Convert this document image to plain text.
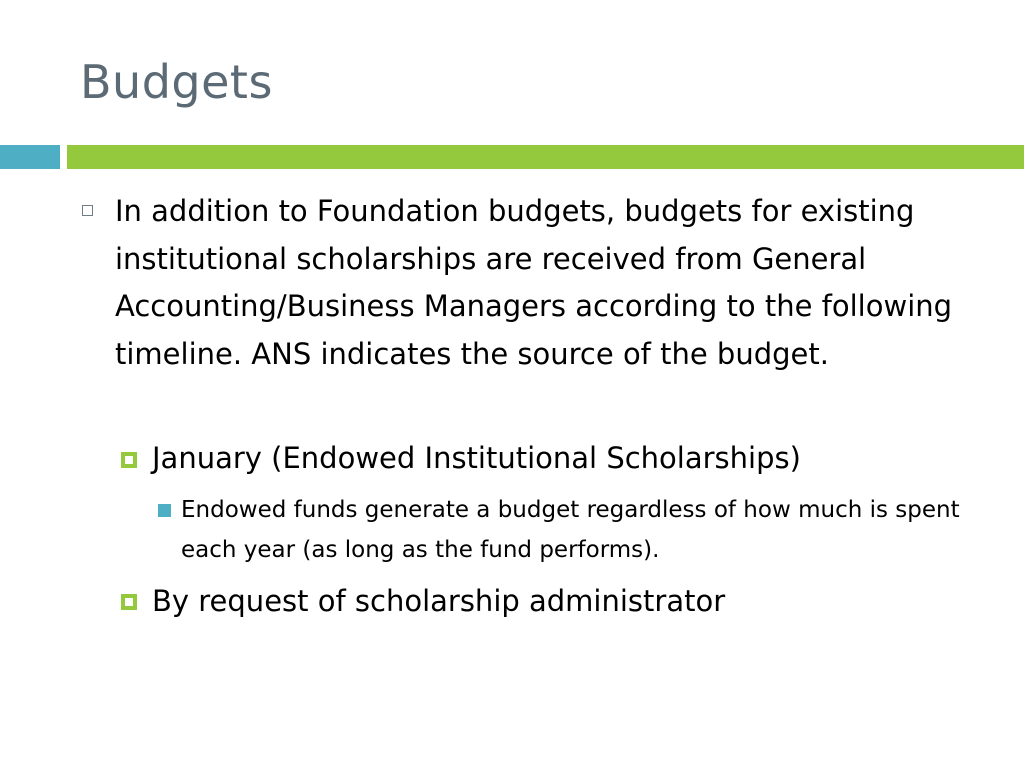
Budgets
In addition to Foundation budgets, budgets for existing institutional scholarships are received from General Accounting/Business Managers according to the following timeline. ANS indicates the source of the budget.
January (Endowed Institutional Scholarships)
Endowed funds generate a budget regardless of how much is spent each year (as long as the fund performs).
By request of scholarship administrator
